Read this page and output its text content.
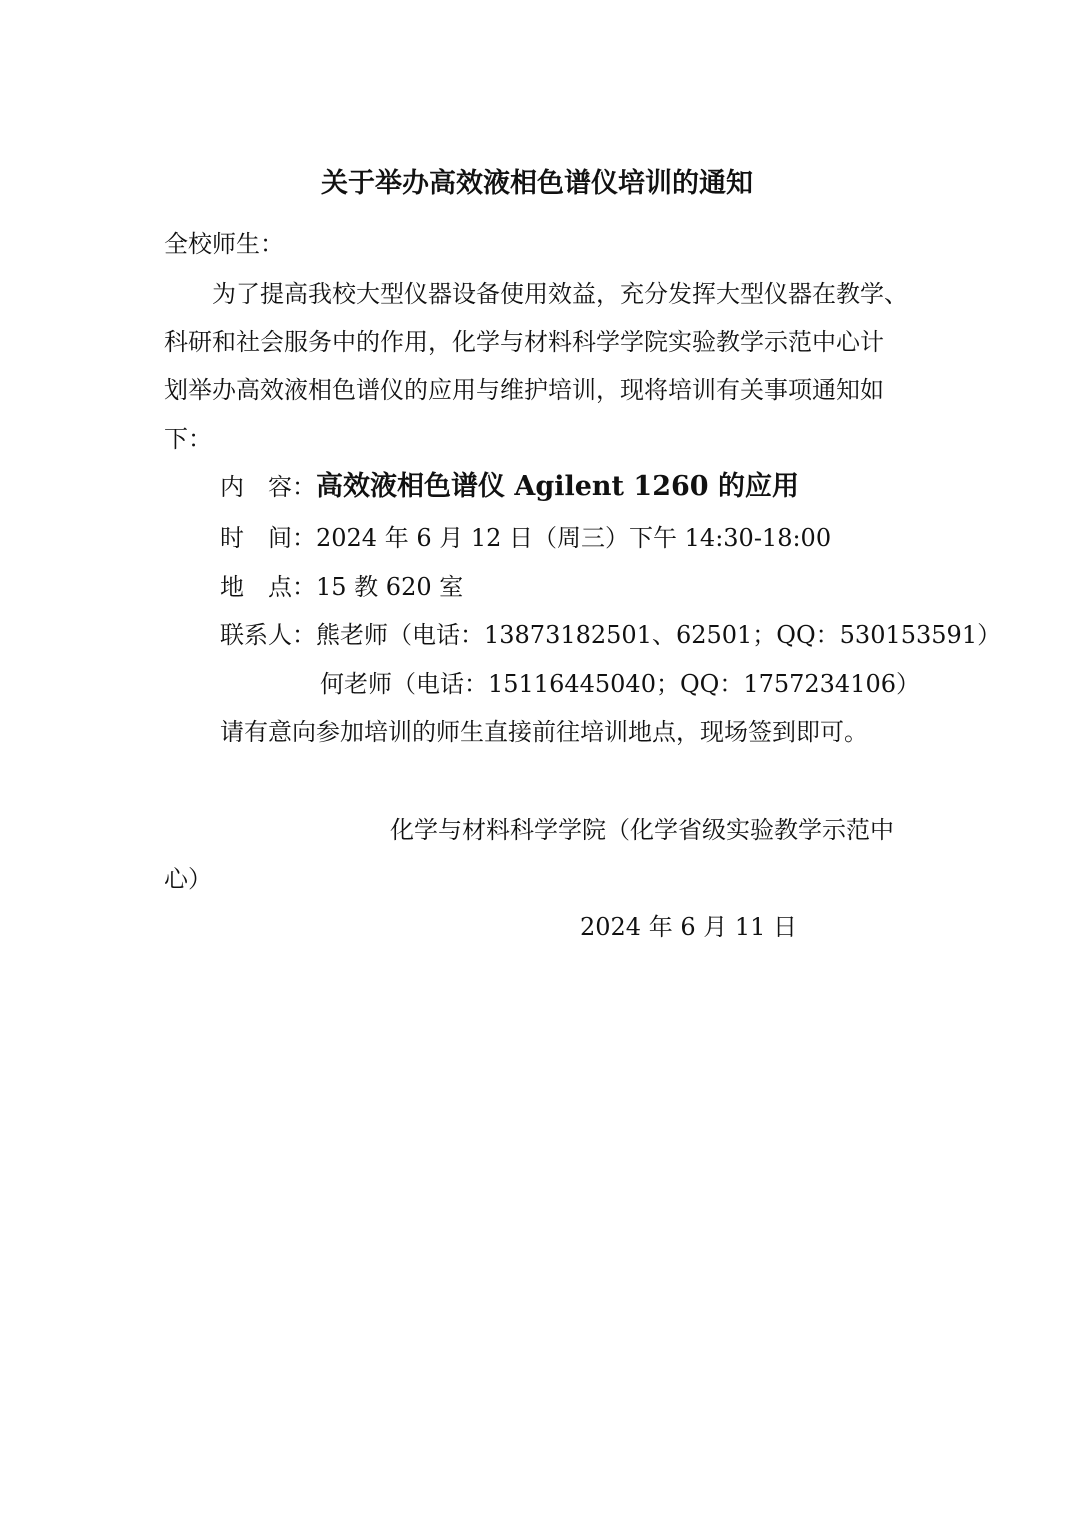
关于举办高效液相色谱仪培训的通知
全校师生：
为了提高我校大型仪器设备使用效益，充分发挥大型仪器在教学、
科研和社会服务中的作用，化学与材料科学学院实验教学示范中心计
划举办高效液相色谱仪的应用与维护培训，现将培训有关事项通知如
下：
内　容：高效液相色谱仪 Agilent 1260 的应用
时　间：2024 年 6 月 12 日（周三）下午 14:30-18:00
地　点：15 教 620 室
联系人：熊老师（电话：13873182501、62501；QQ：530153591）
何老师（电话：15116445040；QQ：1757234106）
请有意向参加培训的师生直接前往培训地点，现场签到即可。
化学与材料科学学院（化学省级实验教学示范中
心）
2024 年 6 月 11 日
